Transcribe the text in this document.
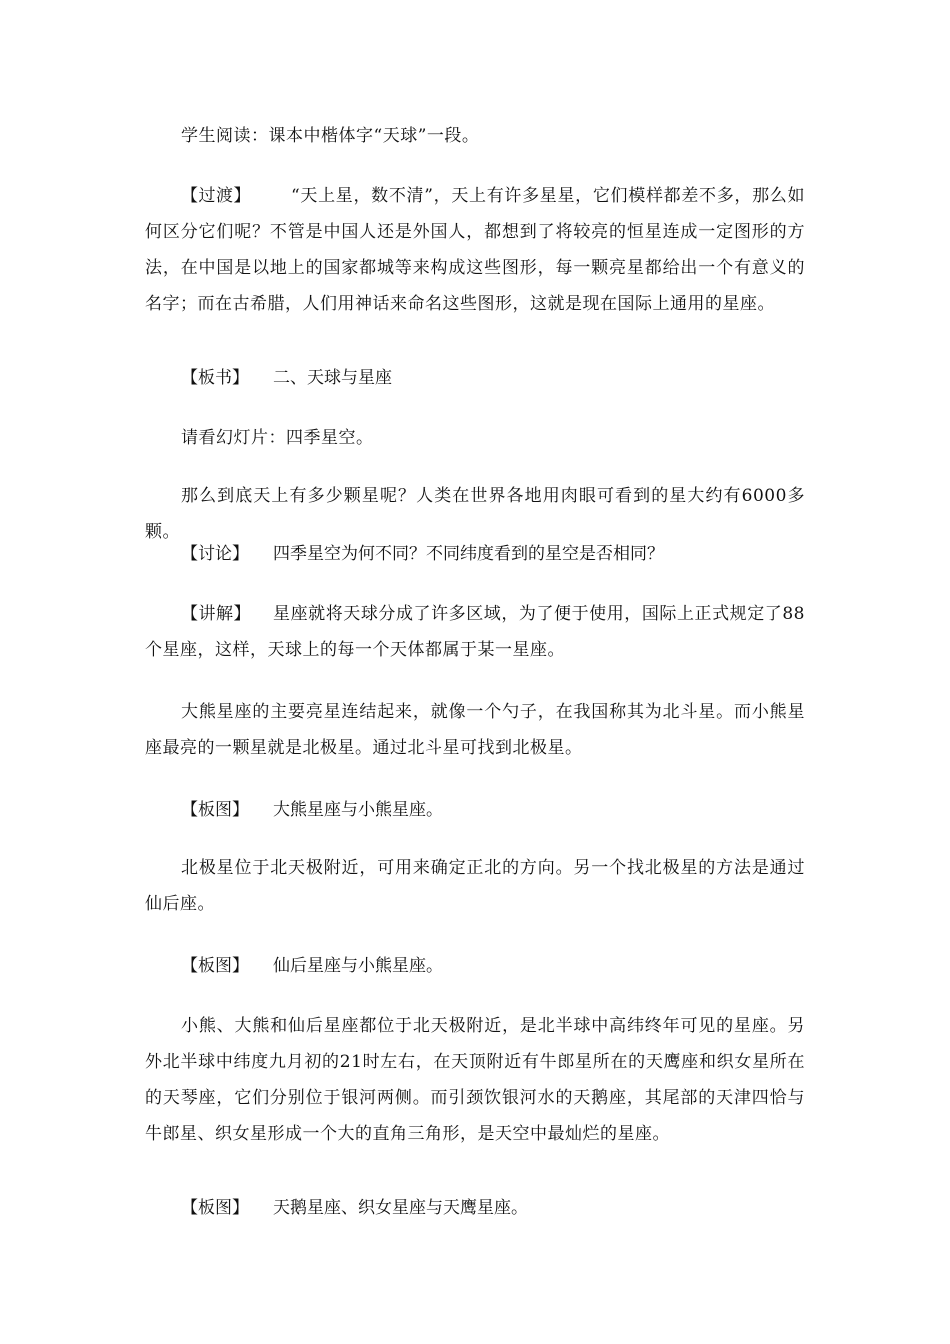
学生阅读：课本中楷体字“天球”一段。

【过渡】 “天上星，数不清”，天上有许多星星，它们模样都差不多，那么如何区分它们呢？不管是中国人还是外国人，都想到了将较亮的恒星连成一定图形的方法，在中国是以地上的国家都城等来构成这些图形，每一颗亮星都给出一个有意义的名字；而在古希腊，人们用神话来命名这些图形，这就是现在国际上通用的星座。

【板书】 二、天球与星座

请看幻灯片：四季星空。

那么到底天上有多少颗星呢？人类在世界各地用肉眼可看到的星大约有6000多颗。

【讨论】 四季星空为何不同？不同纬度看到的星空是否相同？

【讲解】 星座就将天球分成了许多区域，为了便于使用，国际上正式规定了88个星座，这样，天球上的每一个天体都属于某一星座。

大熊星座的主要亮星连结起来，就像一个勺子，在我国称其为北斗星。而小熊星座最亮的一颗星就是北极星。通过北斗星可找到北极星。

【板图】 大熊星座与小熊星座。

北极星位于北天极附近，可用来确定正北的方向。另一个找北极星的方法是通过仙后座。

【板图】 仙后星座与小熊星座。

小熊、大熊和仙后星座都位于北天极附近，是北半球中高纬终年可见的星座。另外北半球中纬度九月初的21时左右，在天顶附近有牛郎星所在的天鹰座和织女星所在的天琴座，它们分别位于银河两侧。而引颈饮银河水的天鹅座，其尾部的天津四恰与牛郎星、织女星形成一个大的直角三角形，是天空中最灿烂的星座。

【板图】 天鹅星座、织女星座与天鹰星座。
